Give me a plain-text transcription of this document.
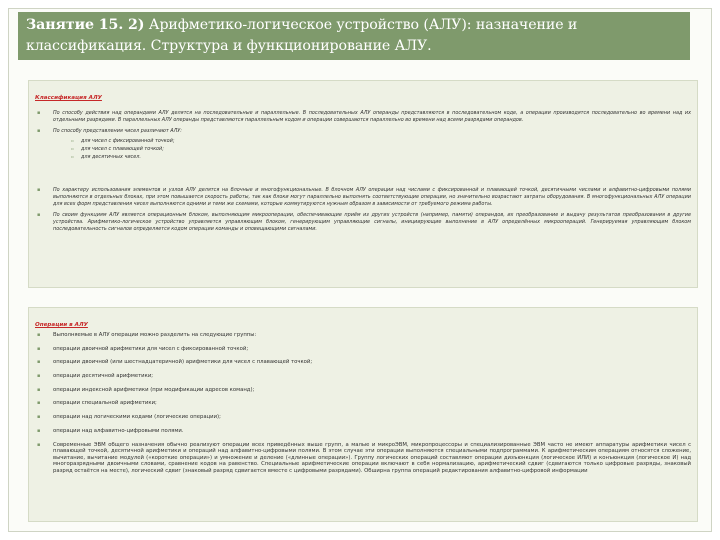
Занятие 15. 2) Арифметико-логическое устройство (АЛУ): назначение и классификация. Структура и функционирование АЛУ.
Классификация АЛУ
▪	По способу действия над операндами АЛУ делятся на последовательные и параллельные. В последовательных АЛУ операнды представляются в последовательном коде, а операции производятся последовательно во времени над их отдельными разрядами. В параллельных АЛУ операнды представляются параллельным кодом и операции совершаются параллельно во времени над всеми разрядами операндов.
▪	По способу представления чисел различают АЛУ:
▫ для чисел с фиксированной точкой;
▫ для чисел с плавающей точкой;
▫ для десятичных чисел.
▪	По характеру использования элементов и узлов АЛУ делятся на блочные и многофункциональные. В блочном АЛУ операции над числами с фиксированной и плавающей точкой, десятичными числами и алфавитно-цифровыми полями выполняются в отдельных блоках, при этом повышается скорость работы, так как блоки могут параллельно выполнять соответствующие операции, но значительно возрастают затраты оборудования. В многофункциональных АЛУ операции для всех форм представления чисел выполняются одними и теми же схемами, которые коммутируются нужным образом в зависимости от требуемого режима работы.
▪	По своим функциям АЛУ является операционным блоком, выполняющим микрооперации, обеспечивающие приём из других устройств (например, памяти) операндов, их преобразование и выдачу результатов преобразования в другие устройства. Арифметико-логическое устройство управляется управляющим блоком, генерирующим управляющие сигналы, инициирующие выполнение в АЛУ определённых микроопераций. Генерируемая управляющим блоком последовательность сигналов определяется кодом операции команды и оповещающими сигналами.
Операции в АЛУ
▪ Выполняемые в АЛУ операции можно разделить на следующие группы:
▪ операции двоичной арифметики для чисел с фиксированной точкой;
▪ операции двоичной (или шестнадцатеричной) арифметики для чисел с плавающей точкой;
▪ операции десятичной арифметики;
▪ операции индексной арифметики (при модификации адресов команд);
▪ операции специальной арифметики;
▪ операции над логическими кодами (логические операции);
▪ операции над алфавитно-цифровыми полями.
▪ Современные ЭВМ общего назначения обычно реализуют операции всех приведённых выше групп, а малые и микроЭВМ, микропроцессоры и специализированные ЭВМ часто не имеют аппаратуры арифметики чисел с плавающей точкой, десятичной арифметики и операций над алфавитно-цифровыми полями. В этом случае эти операции выполняются специальными подпрограммами. К арифметическим операциям относятся сложение, вычитание, вычитание модулей («короткие операции») и умножение и деление («длинные операции»). Группу логических операций составляют операции дизъюнкция (логическое ИЛИ) и конъюнкция (логическое И) над многоразрядными двоичными словами, сравнение кодов на равенство. Специальные арифметические операции включают в себя нормализацию, арифметический сдвиг (сдвигаются только цифровые разряды, знаковый разряд остаётся на месте), логический сдвиг (знаковый разряд сдвигается вместе с цифровыми разрядами). Обширна группа операций редактирования алфавитно-цифровой информации
